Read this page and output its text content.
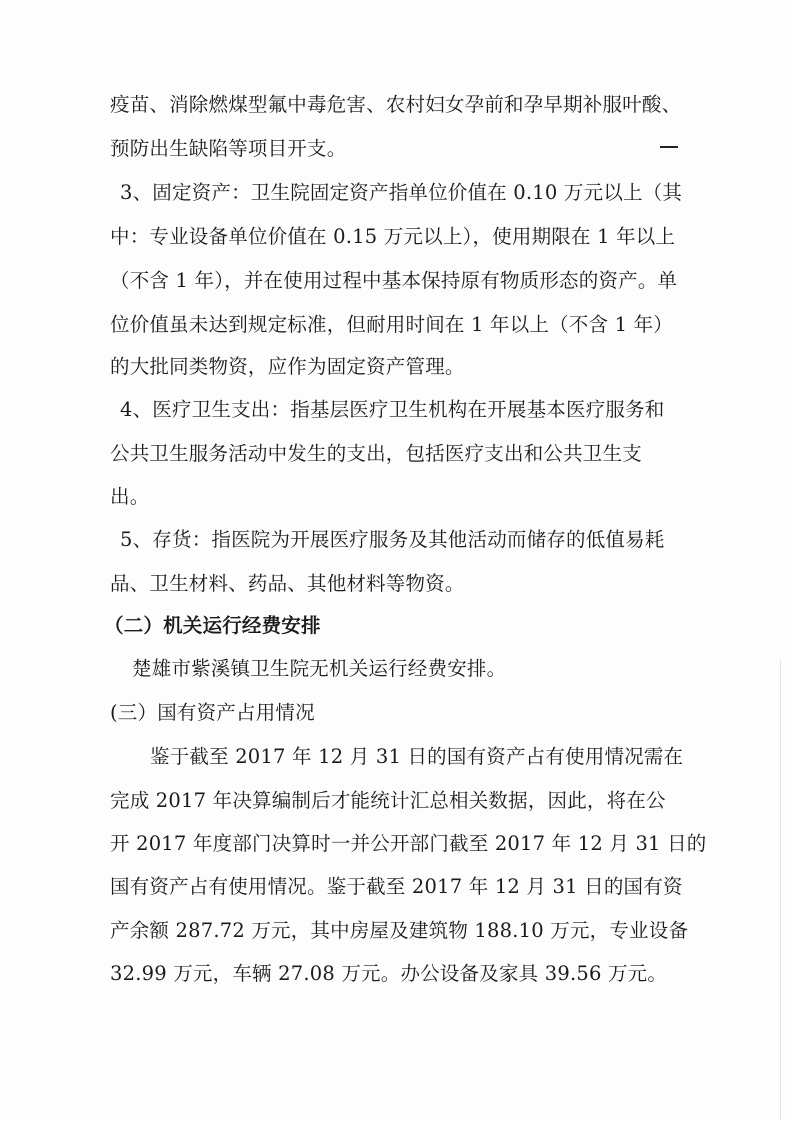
疫苗、消除燃煤型氟中毒危害、农村妇女孕前和孕早期补服叶酸、
预防出生缺陷等项目开支。
3、固定资产：卫生院固定资产指单位价值在 0.10 万元以上（其
中：专业设备单位价值在 0.15 万元以上），使用期限在 1 年以上
（不含 1 年），并在使用过程中基本保持原有物质形态的资产。单
位价值虽未达到规定标准，但耐用时间在 1 年以上（不含 1 年）
的大批同类物资，应作为固定资产管理。
4、医疗卫生支出：指基层医疗卫生机构在开展基本医疗服务和
公共卫生服务活动中发生的支出，包括医疗支出和公共卫生支
出。
5、存货：指医院为开展医疗服务及其他活动而储存的低值易耗
品、卫生材料、药品、其他材料等物资。
（二）机关运行经费安排
楚雄市紫溪镇卫生院无机关运行经费安排。
(三）国有资产占用情况
鉴于截至 2017 年 12 月 31 日的国有资产占有使用情况需在
完成 2017 年决算编制后才能统计汇总相关数据，因此，将在公
开 2017 年度部门决算时一并公开部门截至 2017 年 12 月 31 日的
国有资产占有使用情况。鉴于截至 2017 年 12 月 31 日的国有资
产余额 287.72 万元，其中房屋及建筑物 188.10 万元，专业设备
32.99 万元，车辆 27.08 万元。办公设备及家具 39.56 万元。
